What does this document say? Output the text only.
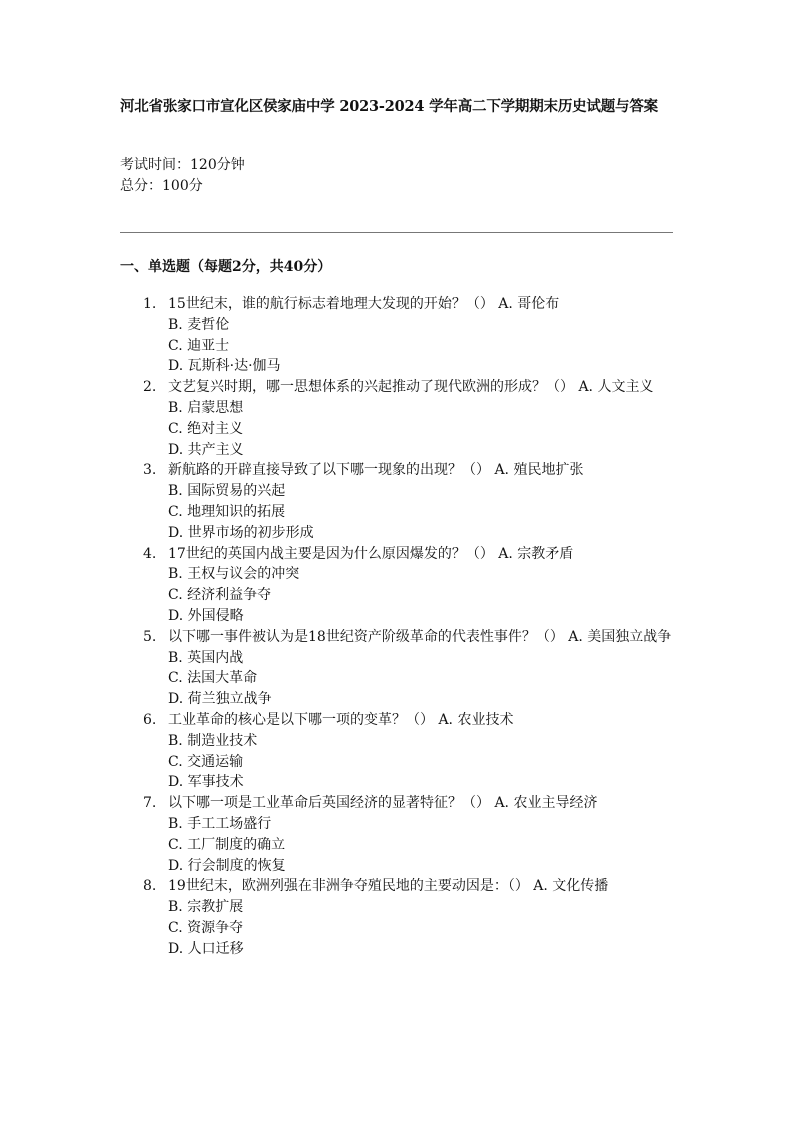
河北省张家口市宣化区侯家庙中学 2023-2024 学年高二下学期期末历史试题与答案
考试时间：120分钟
总分：100分
一、单选题（每题2分，共40分）
1. 15世纪末，谁的航行标志着地理大发现的开始？（） A. 哥伦布
B. 麦哲伦
C. 迪亚士
D. 瓦斯科·达·伽马
2. 文艺复兴时期，哪一思想体系的兴起推动了现代欧洲的形成？（） A. 人文主义
B. 启蒙思想
C. 绝对主义
D. 共产主义
3. 新航路的开辟直接导致了以下哪一现象的出现？（） A. 殖民地扩张
B. 国际贸易的兴起
C. 地理知识的拓展
D. 世界市场的初步形成
4. 17世纪的英国内战主要是因为什么原因爆发的？（） A. 宗教矛盾
B. 王权与议会的冲突
C. 经济利益争夺
D. 外国侵略
5. 以下哪一事件被认为是18世纪资产阶级革命的代表性事件？（） A. 美国独立战争
B. 英国内战
C. 法国大革命
D. 荷兰独立战争
6. 工业革命的核心是以下哪一项的变革？（） A. 农业技术
B. 制造业技术
C. 交通运输
D. 军事技术
7. 以下哪一项是工业革命后英国经济的显著特征？（） A. 农业主导经济
B. 手工工场盛行
C. 工厂制度的确立
D. 行会制度的恢复
8. 19世纪末，欧洲列强在非洲争夺殖民地的主要动因是：（） A. 文化传播
B. 宗教扩展
C. 资源争夺
D. 人口迁移
